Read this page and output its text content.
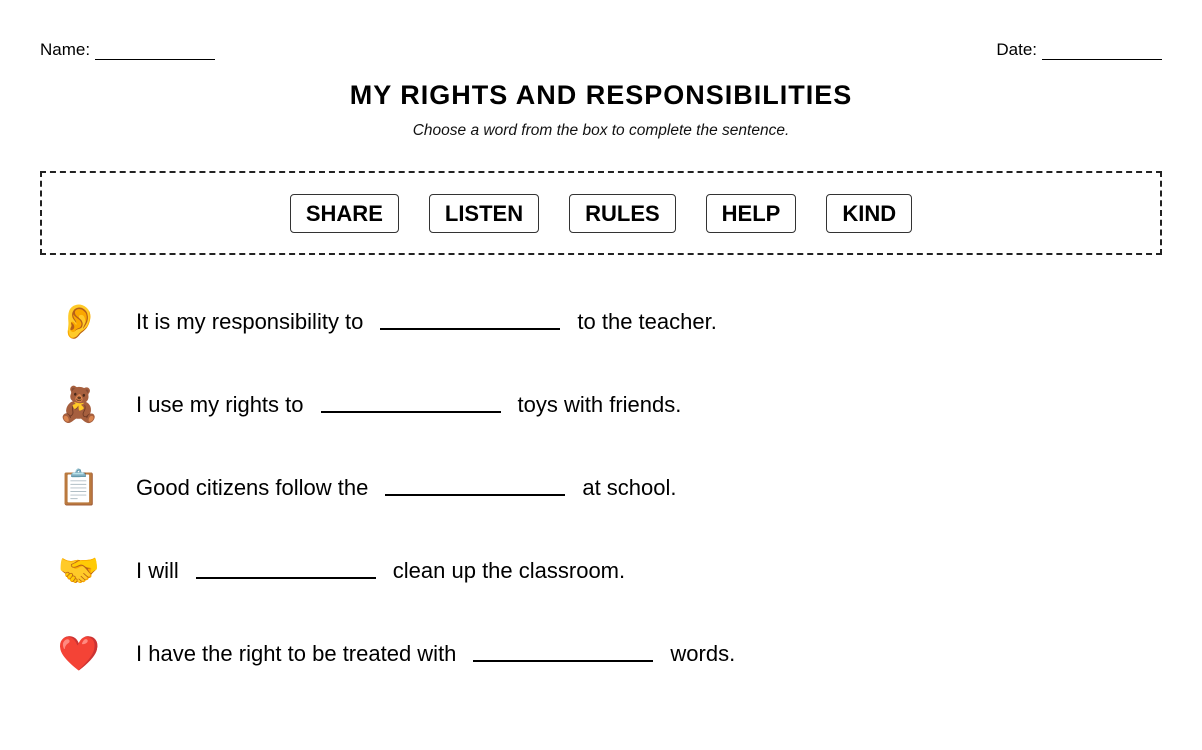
Name:	Date:
MY RIGHTS AND RESPONSIBILITIES
Choose a word from the box to complete the sentence.
SHARE	LISTEN	RULES	HELP	KIND
👂 It is my responsibility to	to the teacher.
🧸 I use my rights to	toys with friends.
📋 Good citizens follow the	at school.
🤝 I will	clean up the classroom.
❤️ I have the right to be treated with	words.
